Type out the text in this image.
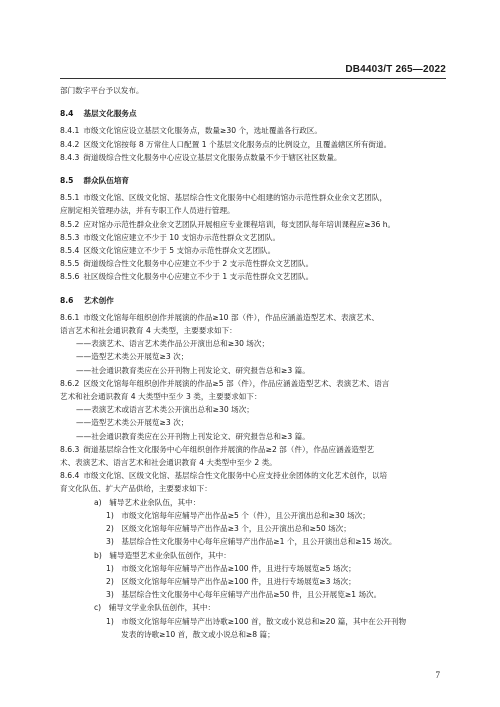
DB4403/T 265—2022
部门数字平台予以发布。
8.4 基层文化服务点
8.4.1 市级文化馆应设立基层文化服务点，数量≥30 个，选址覆盖各行政区。
8.4.2 区级文化馆按每 8 万常住人口配置 1 个基层文化服务点的比例设立，且覆盖辖区所有街道。
8.4.3 街道级综合性文化服务中心应设立基层文化服务点数量不少于辖区社区数量。
8.5 群众队伍培育
8.5.1 市级文化馆、区级文化馆、基层综合性文化服务中心组建的馆办示范性群众业余文艺团队，
应制定相关管理办法，并有专职工作人员进行管理。
8.5.2 应对馆办示范性群众业余文艺团队开展相应专业课程培训，每支团队每年培训课程应≥36 h。
8.5.3 市级文化馆应建立不少于 10 支馆办示范性群众文艺团队。
8.5.4 区级文化馆应建立不少于 5 支馆办示范性群众文艺团队。
8.5.5 街道级综合性文化服务中心应建立不少于 2 支示范性群众文艺团队。
8.5.6 社区级综合性文化服务中心应建立不少于 1 支示范性群众文艺团队。
8.6 艺术创作
8.6.1 市级文化馆每年组织创作并展演的作品≥10 部（件），作品应涵盖造型艺术、表演艺术、
语言艺术和社会通识教育 4 大类型，主要要求如下：
——表演艺术、语言艺术类作品公开演出总和≥30 场次；
——造型艺术类公开展览≥3 次；
——社会通识教育类应在公开刊物上刊发论文、研究报告总和≥3 篇。
8.6.2 区级文化馆每年组织创作并展演的作品≥5 部（件），作品应涵盖造型艺术、表演艺术、语言
艺术和社会通识教育 4 大类型中至少 3 类，主要要求如下：
——表演艺术或语言艺术类公开演出总和≥30 场次；
——造型艺术类公开展览≥3 次；
——社会通识教育类应在公开刊物上刊发论文、研究报告总和≥3 篇。
8.6.3 街道基层综合性文化服务中心年组织创作并展演的作品≥2 部（件），作品应涵盖造型艺
术、表演艺术、语言艺术和社会通识教育 4 大类型中至少 2 类。
8.6.4 市级文化馆、区级文化馆、基层综合性文化服务中心应支持业余团体的文化艺术创作，以培
育文化队伍、扩大产品供给，主要要求如下：
a)　辅导艺术业余队伍，其中：
1)　市级文化馆每年应辅导产出作品≥5 个（件），且公开演出总和≥30 场次；
2)　区级文化馆每年应辅导产出作品≥3 个，且公开演出总和≥50 场次；
3)　基层综合性文化服务中心每年应辅导产出作品≥1 个，且公开演出总和≥15 场次。
b)　辅导造型艺术业余队伍创作，其中：
1)　市级文化馆每年应辅导产出作品≥100 件，且进行专场展览≥5 场次；
2)　区级文化馆每年应辅导产出作品≥100 件，且进行专场展览≥3 场次；
3)　基层综合性文化服务中心每年应辅导产出作品≥50 件，且公开展览≥1 场次。
c)　辅导文学业余队伍创作，其中：
1)　市级文化馆每年应辅导产出诗歌≥100 首，散文或小说总和≥20 篇，其中在公开刊物
　　发表的诗歌≥10 首，散文或小说总和≥8 篇；
7
